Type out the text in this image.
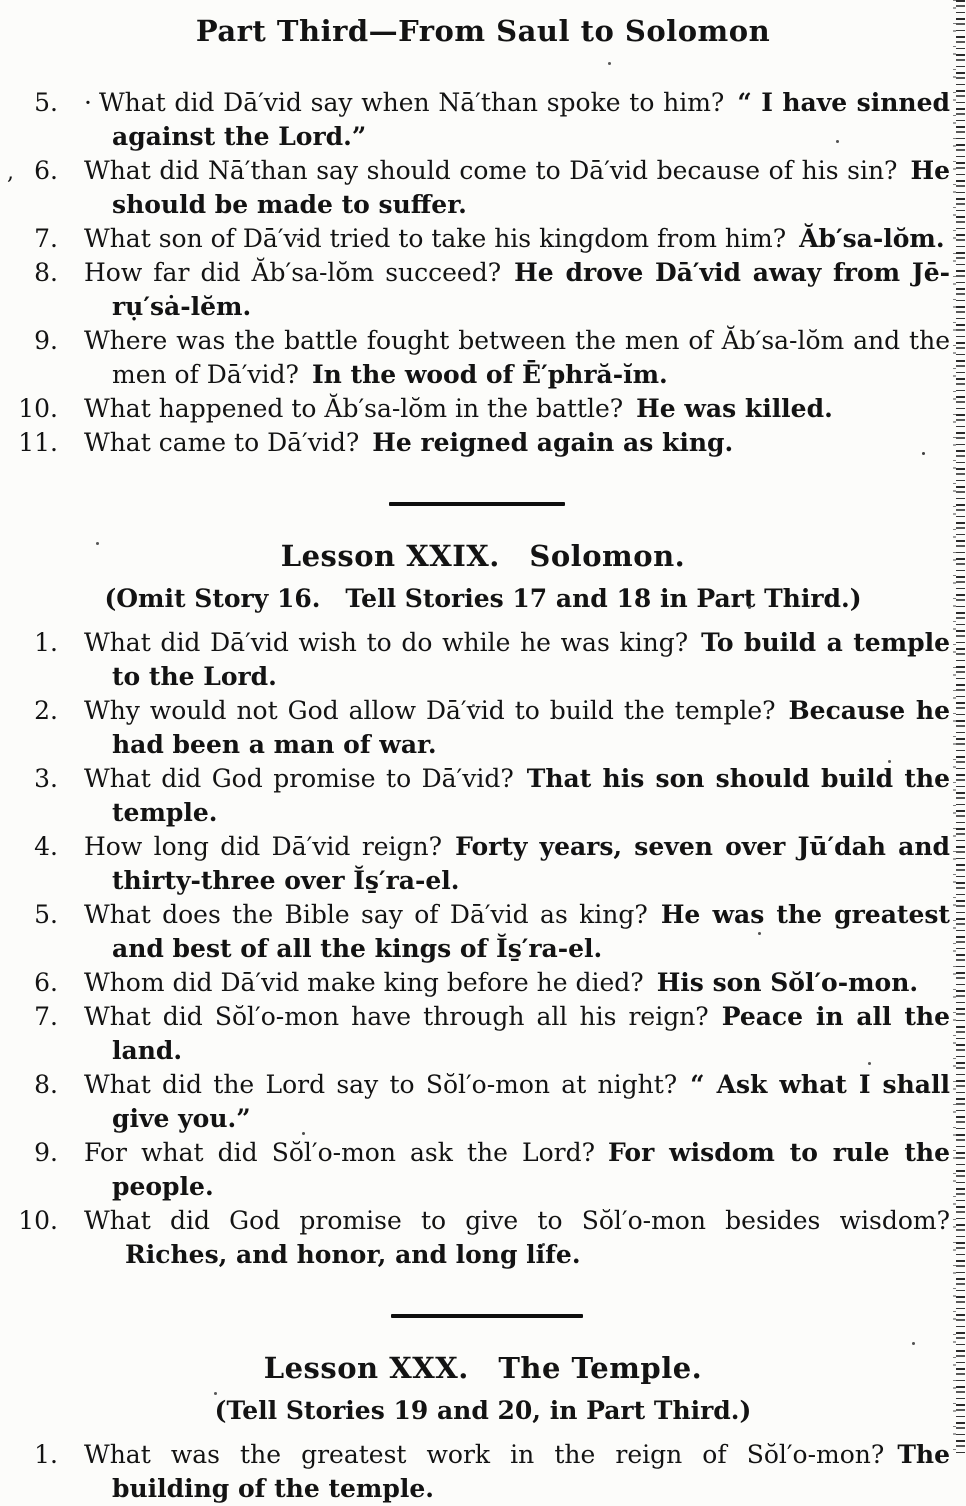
Part Third—From Saul to Solomon
5. · What did Dā′vid say when Nā′than spoke to him? “ I have sinned against the Lord.”
6. What did Nā′than say should come to Dā′vid because of his sin? He should be made to suffer.
7. What son of Dā′vid tried to take his kingdom from him? Ăb′sa-lŏm.
8. How far did Ăb′sa-lŏm succeed? He drove Dā′vid away from Jē-rụ′sȧ-lĕm.
9. Where was the battle fought between the men of Ăb′sa-lŏm and the men of Dā′vid? In the wood of Ē′phră-ĭm.
10. What happened to Ăb′sa-lŏm in the battle? He was killed.
11. What came to Dā′vid? He reigned again as king.
Lesson XXIX. Solomon.
(Omit Story 16. Tell Stories 17 and 18 in Part Third.)
1. What did Dā′vid wish to do while he was king? To build a temple to the Lord.
2. Why would not God allow Dā′vid to build the temple? Because he had been a man of war.
3. What did God promise to Dā′vid? That his son should build the temple.
4. How long did Dā′vid reign? Forty years, seven over Jū′dah and thirty-three over Ĭs̱′ra-el.
5. What does the Bible say of Dā′vid as king? He was the greatest and best of all the kings of Ĭs̱′ra-el.
6. Whom did Dā′vid make king before he died? His son Sŏl′o-mon.
7. What did Sŏl′o-mon have through all his reign? Peace in all the land.
8. What did the Lord say to Sŏl′o-mon at night? “ Ask what I shall give you.”
9. For what did Sŏl′o-mon ask the Lord? For wisdom to rule the people.
10. What did God promise to give to Sŏl′o-mon besides wisdom?Riches, and honor, and long life.
Lesson XXX. The Temple.
(Tell Stories 19 and 20, in Part Third.)
1. What was the greatest work in the reign of Sŏl′o-mon? The building of the temple.
,
